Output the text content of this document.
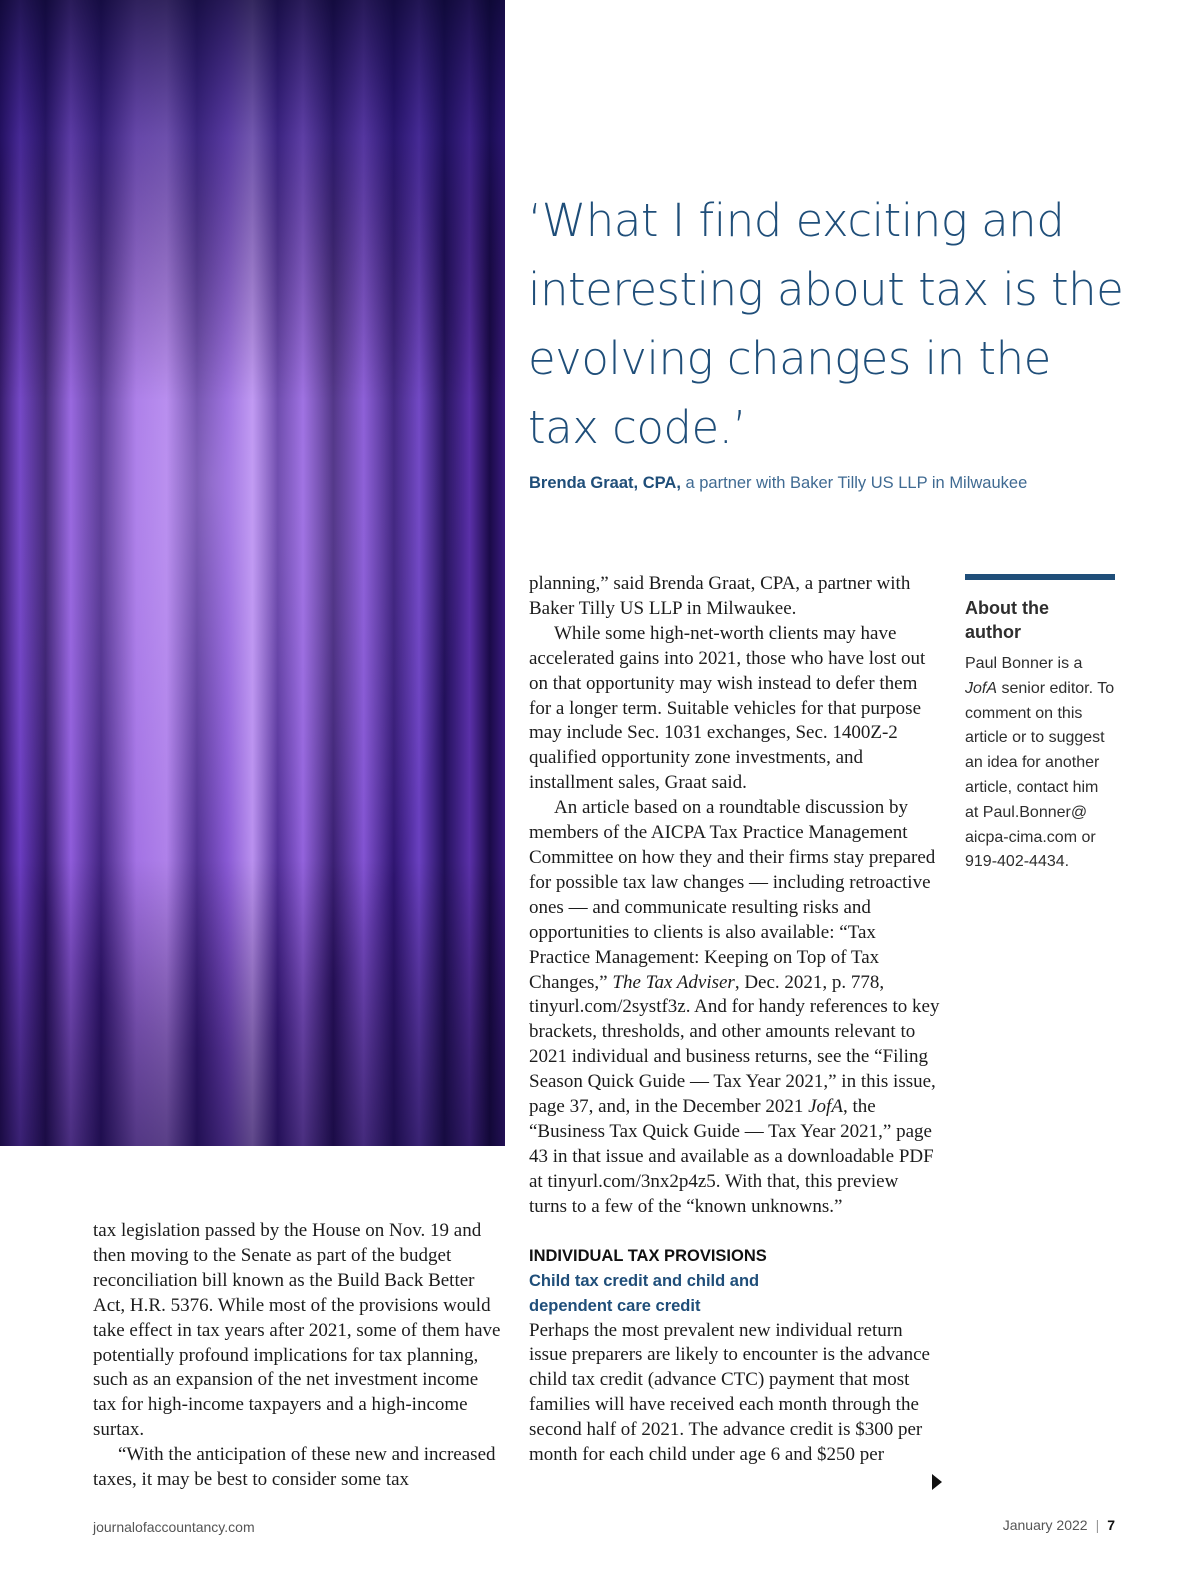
‘What I find exciting and interesting about tax is the evolving changes in the tax code.’

Brenda Graat, CPA, a partner with Baker Tilly US LLP in Milwaukee

tax legislation passed by the House on Nov. 19 and then moving to the Senate as part of the budget reconciliation bill known as the Build Back Better Act, H.R. 5376. While most of the provisions would take effect in tax years after 2021, some of them have potentially profound implications for tax planning, such as an expansion of the net investment income tax for high-income taxpayers and a high-income surtax.

“With the anticipation of these new and increased taxes, it may be best to consider some tax

planning,” said Brenda Graat, CPA, a partner with Baker Tilly US LLP in Milwaukee.

While some high-net-worth clients may have accelerated gains into 2021, those who have lost out on that opportunity may wish instead to defer them for a longer term. Suitable vehicles for that purpose may include Sec. 1031 exchanges, Sec. 1400Z-2 qualified opportunity zone investments, and installment sales, Graat said.

An article based on a roundtable discussion by members of the AICPA Tax Practice Management Committee on how they and their firms stay prepared for possible tax law changes — including retroactive ones — and communicate resulting risks and opportunities to clients is also available: “Tax Practice Management: Keeping on Top of Tax Changes,” The Tax Adviser, Dec. 2021, p. 778, tinyurl.com/2systf3z. And for handy references to key brackets, thresholds, and other amounts relevant to 2021 individual and business returns, see the “Filing Season Quick Guide — Tax Year 2021,” in this issue, page 37, and, in the December 2021 JofA, the “Business Tax Quick Guide — Tax Year 2021,” page 43 in that issue and available as a downloadable PDF at tinyurl.com/3nx2p4z5. With that, this preview turns to a few of the “known unknowns.”

INDIVIDUAL TAX PROVISIONS
Child tax credit and child and dependent care credit

Perhaps the most prevalent new individual return issue preparers are likely to encounter is the advance child tax credit (advance CTC) payment that most families will have received each month through the second half of 2021. The advance credit is $300 per month for each child under age 6 and $250 per

About the author

Paul Bonner is a JofA senior editor. To comment on this article or to suggest an idea for another article, contact him at Paul.Bonner@ aicpa-cima.com or 919-402-4434.

journalofaccountancy.com	January 2022 | 7
